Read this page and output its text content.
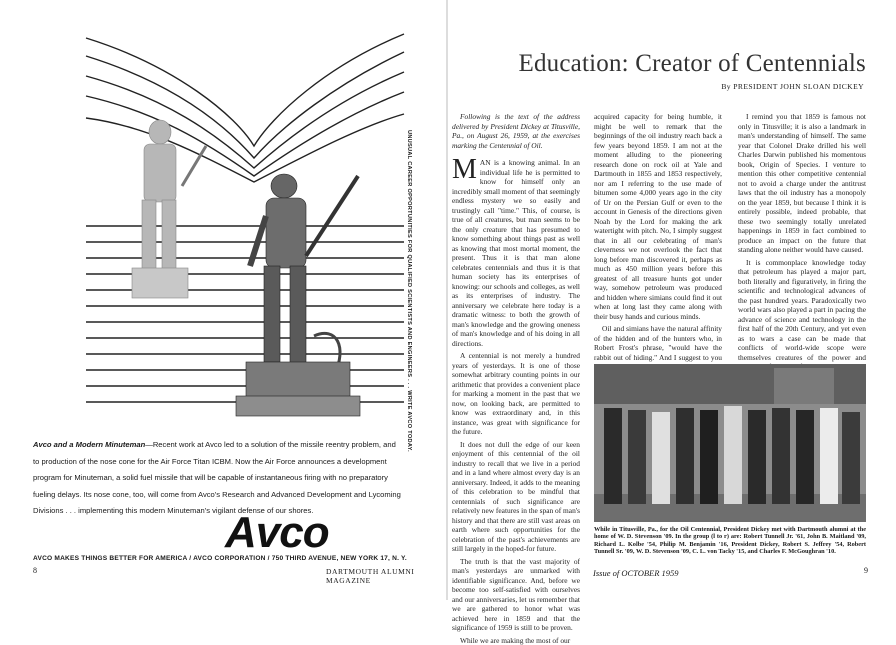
UNUSUAL CAREER OPPORTUNITIES FOR QUALIFIED SCIENTISTS AND ENGINEERS . . . WRITE AVCO TODAY.
Avco and a Modern Minuteman—Recent work at Avco led to a solution of the missile reentry problem, and to production of the nose cone for the Air Force Titan ICBM. Now the Air Force announces a development program for Minuteman, a solid fuel missile that will be capable of instantaneous firing with no preparatory fueling delays. Its nose cone, too, will come from Avco's Research and Advanced Development and Lycoming Divisions . . . implementing this modern Minuteman's vigilant defense of our shores.
Avco
AVCO MAKES THINGS BETTER FOR AMERICA / AVCO CORPORATION / 750 THIRD AVENUE, NEW YORK 17, N. Y.
8	DARTMOUTH ALUMNI MAGAZINE
Education: Creator of Centennials
By PRESIDENT JOHN SLOAN DICKEY

Following is the text of the address delivered by President Dickey at Titusville, Pa., on August 26, 1959, at the exercises marking the Centennial of Oil.

MAN is a knowing animal. In an individual life he is permitted to know for himself only an incredibly small moment of that seemingly endless mystery we so easily and trustingly call "time." This, of course, is true of all creatures, but man seems to be the only creature that has presumed to know something about things past as well as knowing that most mortal moment, the present. Thus it is that man alone celebrates centennials and thus it is that human society has its enterprises of knowing: our schools and colleges, as well as its enterprises of industry. The anniversary we celebrate here today is a dramatic witness: to both the growth of man's knowledge and the growing oneness of man's knowledge and of his doing in all directions.

A centennial is not merely a hundred years of yesterdays. It is one of those somewhat arbitrary counting points in our arithmetic that provides a convenient place for marking a moment in the past that we now, on looking back, are permitted to know was extraordinary and, in this instance, was great with significance for the future.

It does not dull the edge of our keen enjoyment of this centennial of the oil industry to recall that we live in a period and in a land where almost every day is an anniversary. Indeed, it adds to the meaning of this celebration to be mindful that centennials of such significance are relatively new features in the span of man's history and that there are still vast areas on earth where such opportunities for the celebration of the past's achievements are still largely in the hoped-for future.

The truth is that the vast majority of man's yesterdays are unmarked with identifiable significance. And, before we become too self-satisfied with ourselves and our anniversaries, let us remember that we are gathered to honor what was achieved here in 1859 and that the significance of 1959 is still to be proven.

While we are making the most of our

acquired capacity for being humble, it might be well to remark that the beginnings of the oil industry reach back a few years beyond 1859. I am not at the moment alluding to the pioneering research done on rock oil at Yale and Dartmouth in 1855 and 1853 respectively, nor am I referring to the use made of bitumen some 4,000 years ago in the city of Ur on the Persian Gulf or even to the account in Genesis of the directions given Noah by the Lord for making the ark watertight with pitch. No, I simply suggest that in all our celebrating of man's cleverness we not overlook the fact that long before man discovered it, perhaps as much as 450 million years before this greatest of all treasure hunts got under way, somehow petroleum was produced and hidden where simians could find it out when at long last they came along with their busy hands and curious minds.

Oil and simians have the natural affinity of the hidden and of the hunters who, in Robert Frost's phrase, "would have the rabbit out of hiding." And I suggest to you

I remind you that 1859 is famous not only in Titusville; it is also a landmark in man's understanding of himself. The same year that Colonel Drake drilled his well Charles Darwin published his momentous book, Origin of Species. I venture to mention this other competitive centennial not to avoid a charge under the antitrust laws that the oil industry has a monopoly on the year 1859, but because I think it is entirely possible, indeed probable, that these two seemingly totally unrelated happenings in 1859 in fact combined to produce an impact on the future that standing alone neither would have caused.

It is commonplace knowledge today that petroleum has played a major part, both literally and figuratively, in firing the scientific and technological advances of the past hundred years. Paradoxically two world wars also played a part in pacing the advance of science and technology in the first half of the 20th Century, and yet even as to wars a case can be made that conflicts of world-wide scope were themselves creatures of the power and

While in Titusville, Pa., for the Oil Centennial, President Dickey met with Dartmouth alumni at the home of W. D. Stevenson '09. In the group (l to r) are: Robert Tunnell Jr. '61, John B. Maitland '09, Richard L. Kolbe '54, Philip M. Benjamin '16, President Dickey, Robert S. Jeffrey '54, Robert Tunnell Sr. '09, W. D. Stevenson '09, C. L. von Tacky '15, and Charles F. McGoughran '10.
Issue of OCTOBER 1959	9
